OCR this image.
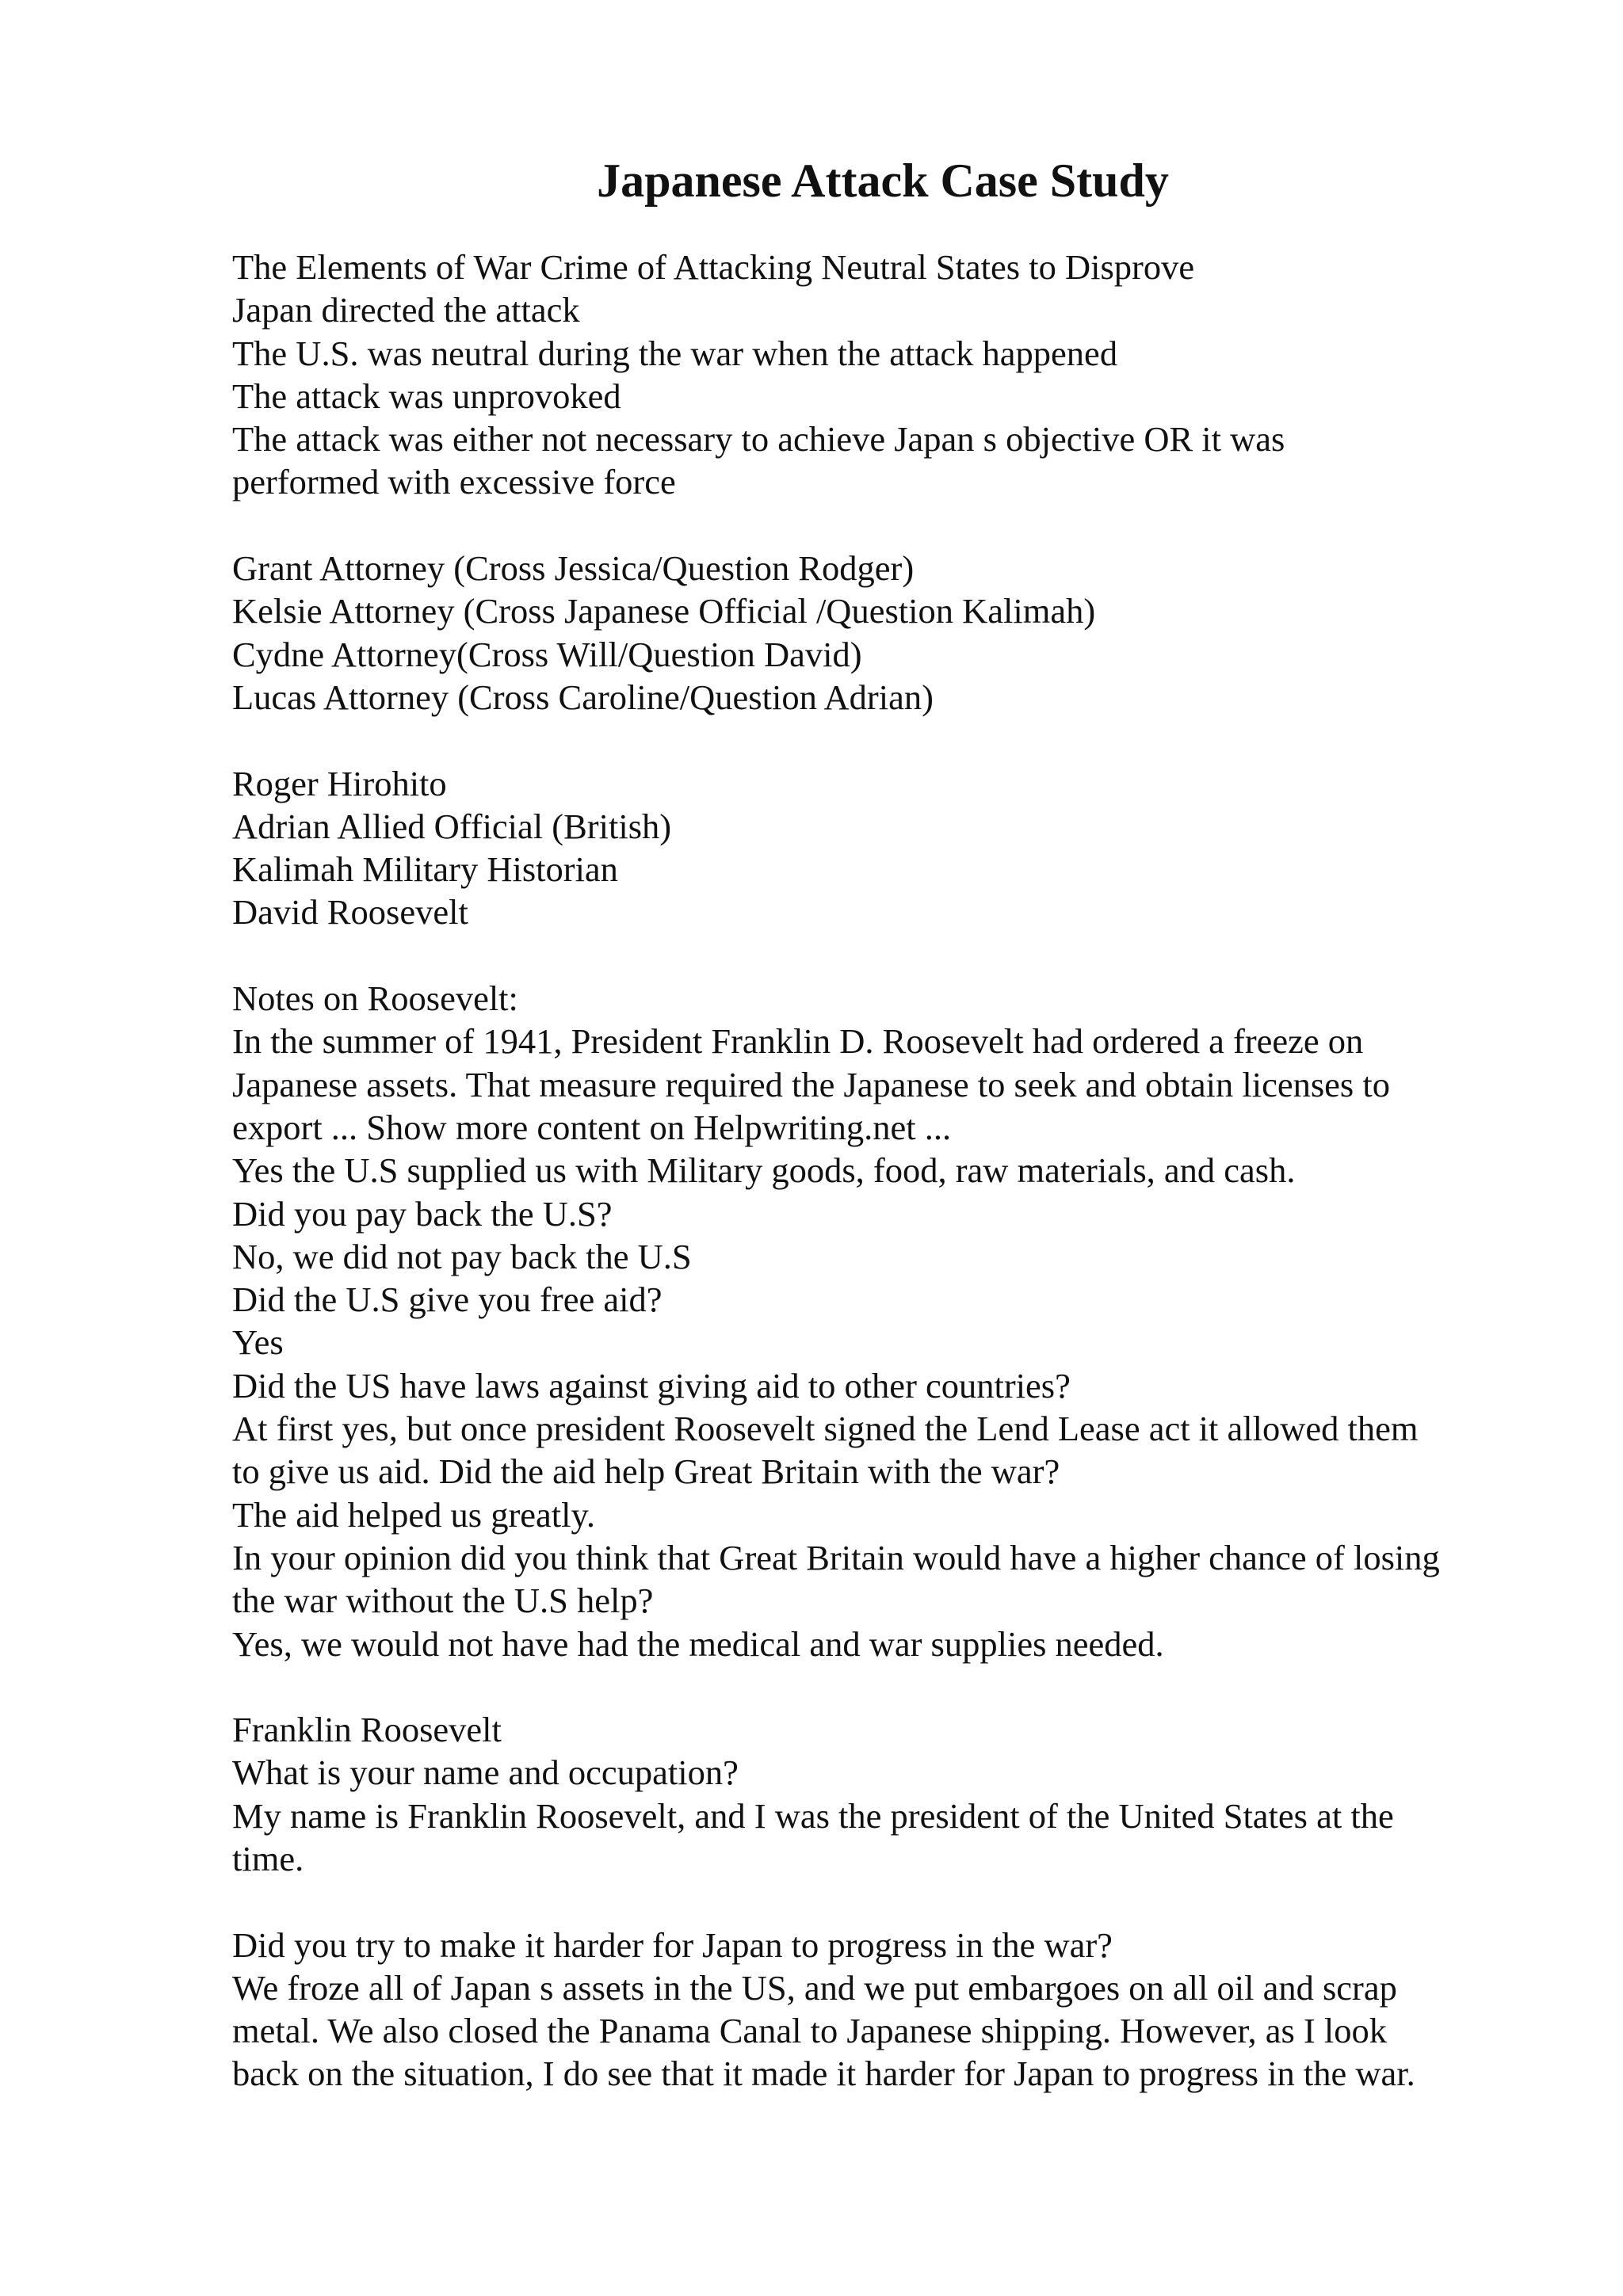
Japanese Attack Case Study
The Elements of War Crime of Attacking Neutral States to Disprove
Japan directed the attack
The U.S. was neutral during the war when the attack happened
The attack was unprovoked
The attack was either not necessary to achieve Japan s objective OR it was
performed with excessive force
Grant Attorney (Cross Jessica/Question Rodger)
Kelsie Attorney (Cross Japanese Official /Question Kalimah)
Cydne Attorney(Cross Will/Question David)
Lucas Attorney (Cross Caroline/Question Adrian)
Roger Hirohito
Adrian Allied Official (British)
Kalimah Military Historian
David Roosevelt
Notes on Roosevelt:
In the summer of 1941, President Franklin D. Roosevelt had ordered a freeze on
Japanese assets. That measure required the Japanese to seek and obtain licenses to
export ... Show more content on Helpwriting.net ...
Yes the U.S supplied us with Military goods, food, raw materials, and cash.
Did you pay back the U.S?
No, we did not pay back the U.S
Did the U.S give you free aid?
Yes
Did the US have laws against giving aid to other countries?
At first yes, but once president Roosevelt signed the Lend Lease act it allowed them
to give us aid. Did the aid help Great Britain with the war?
The aid helped us greatly.
In your opinion did you think that Great Britain would have a higher chance of losing
the war without the U.S help?
Yes, we would not have had the medical and war supplies needed.
Franklin Roosevelt
What is your name and occupation?
My name is Franklin Roosevelt, and I was the president of the United States at the
time.
Did you try to make it harder for Japan to progress in the war?
We froze all of Japan s assets in the US, and we put embargoes on all oil and scrap
metal. We also closed the Panama Canal to Japanese shipping. However, as I look
back on the situation, I do see that it made it harder for Japan to progress in the war.
